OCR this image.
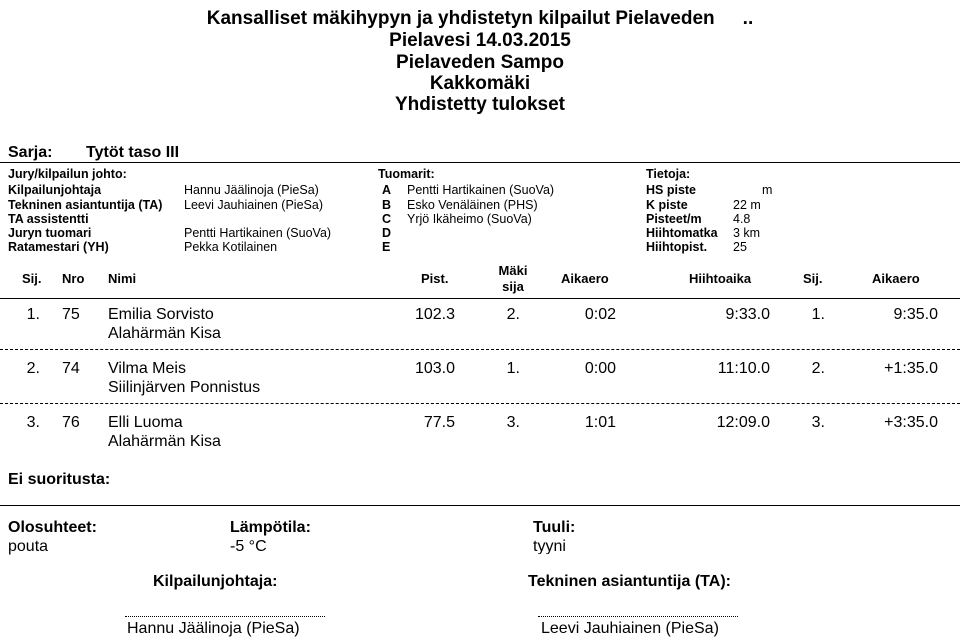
Kansalliset mäkihypyn ja yhdistetyn kilpailut Pielaveden ..
Pielavesi 14.03.2015
Pielaveden Sampo
Kakkomäki
Yhdistetty tulokset
Sarja: Tytöt taso III
Jury/kilpailun johto:	Tuomarit:	Tietoja:
Kilpailunjohtaja	Hannu Jäälinoja (PieSa)
Tekninen asiantuntija (TA) Leevi Jauhiainen (PieSa)
TA assistentti
Juryn tuomari	Pentti Hartikainen (SuoVa)
Ratamestari (YH)	Pekka Kotilainen
A Pentti Hartikainen (SuoVa)
B Esko Venäläinen (PHS)
C Yrjö Ikäheimo (SuoVa)
D
E
HS piste	m
K piste	22 m
Pisteet/m	4.8
Hiihtomatka 3 km
Hiihtopist. 25
Sij. Nro Nimi	Pist.
Mäki
sija
Aikaero	Hiihtoaika	Sij.	Aikaero
1. 75 Emilia Sorvisto
Alahärmän Kisa
102.3	2.	0:02	9:33.0	1.	9:35.0
2. 74 Vilma Meis
Siilinjärven Ponnistus
103.0	1.	0:00	11:10.0	2.	+1:35.0
3. 76 Elli Luoma
Alahärmän Kisa
77.5	3.	1:01	12:09.0	3.	+3:35.0
Ei suoritusta:
Olosuhteet:
pouta
Lämpötila:
-5 °C
Tuuli:
tyyni
Kilpailunjohtaja:	Tekninen asiantuntija (TA):
Hannu Jäälinoja (PieSa)	Leevi Jauhiainen (PieSa)
